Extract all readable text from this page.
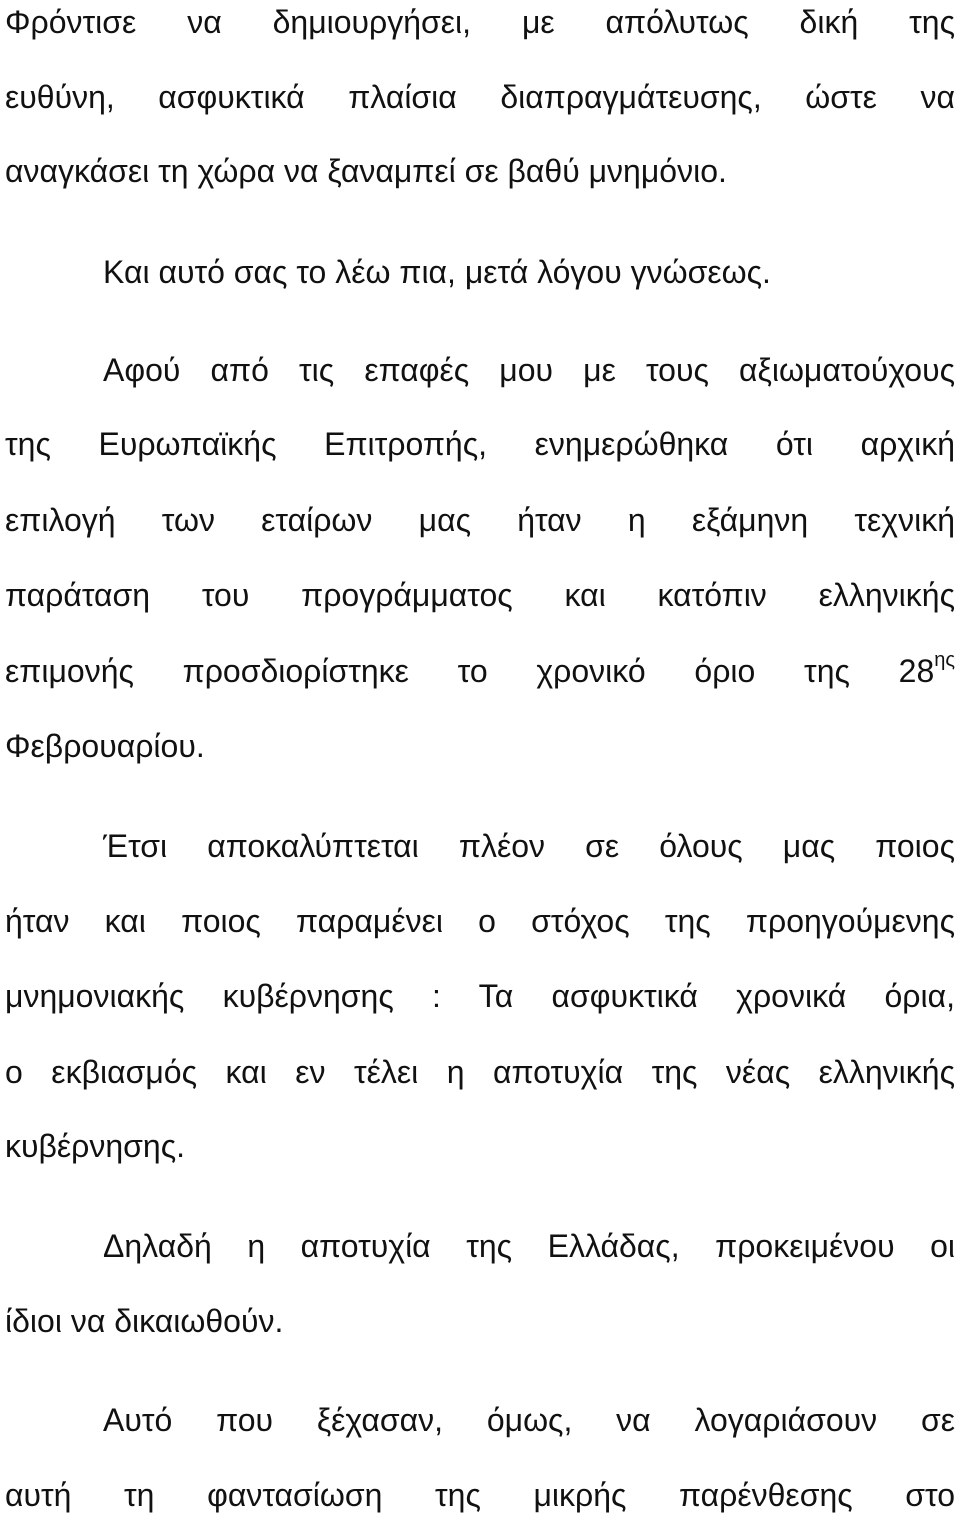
Φρόντισε να δημιουργήσει, με απόλυτως δική της
ευθύνη, ασφυκτικά πλαίσια διαπραγμάτευσης, ώστε να
αναγκάσει τη χώρα να ξαναμπεί σε βαθύ μνημόνιο.
Και αυτό σας το λέω πια, μετά λόγου γνώσεως.
Αφού από τις επαφές μου με τους αξιωματούχους
της Ευρωπαϊκής Επιτροπής, ενημερώθηκα ότι αρχική
επιλογή των εταίρων μας ήταν η εξάμηνη τεχνική
παράταση του προγράμματος και κατόπιν ελληνικής
επιμονής προσδιορίστηκε το χρονικό όριο της $28^{\eta\varsigma}$
Φεβρουαρίου.
Έτσι αποκαλύπτεται πλέον σε όλους μας ποιος
ήταν και ποιος παραμένει ο στόχος της προηγούμενης
μνημονιακής κυβέρνησης : Τα ασφυκτικά χρονικά όρια,
ο εκβιασμός και εν τέλει η αποτυχία της νέας ελληνικής
κυβέρνησης.
Δηλαδή η αποτυχία της Ελλάδας, προκειμένου οι
ίδιοι να δικαιωθούν.
Αυτό που ξέχασαν, όμως, να λογαριάσουν σε
αυτή τη φαντασίωση της μικρής παρένθεσης στο
